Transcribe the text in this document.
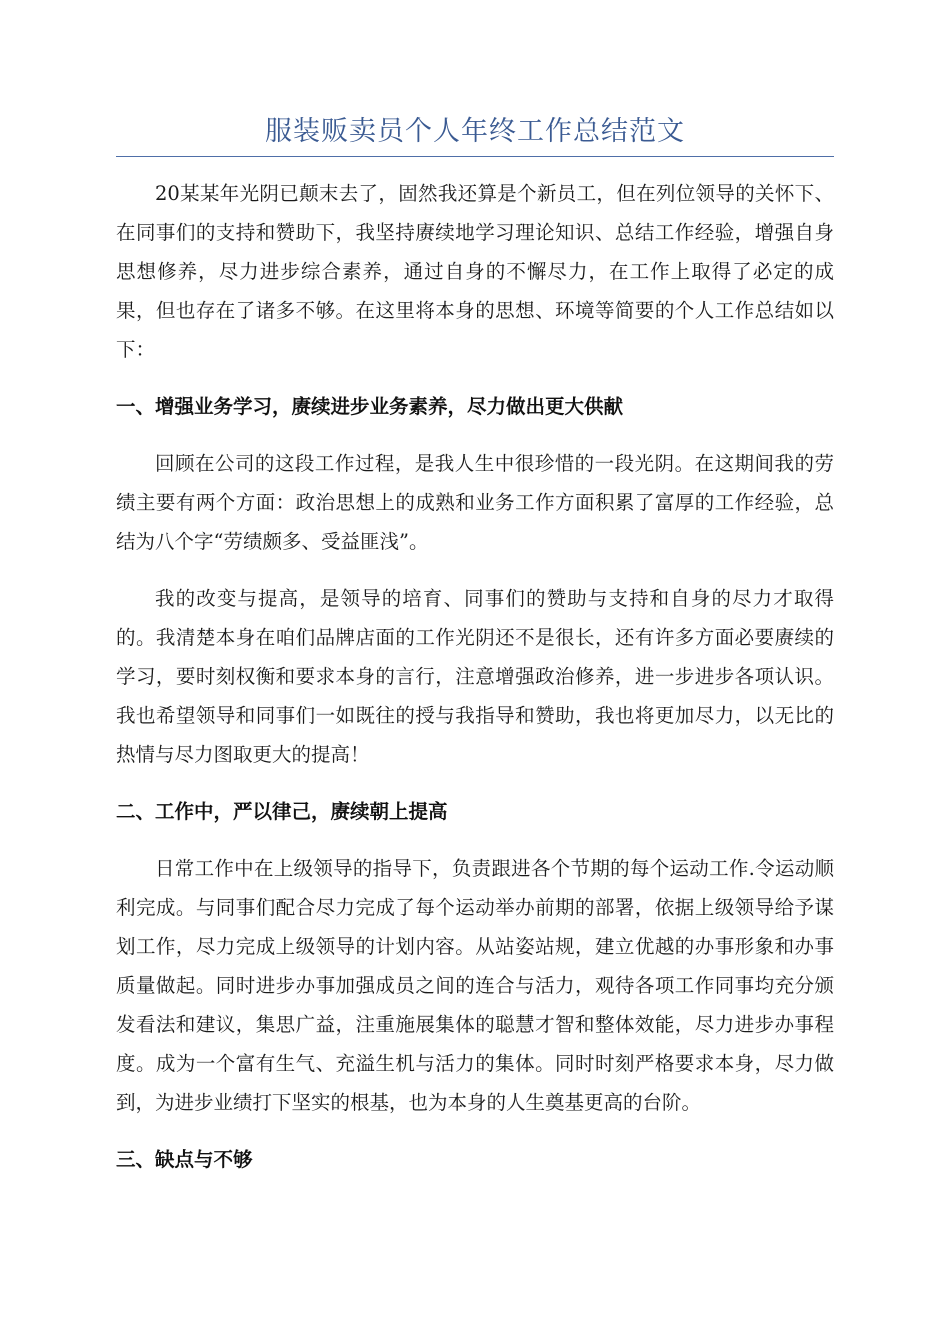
服装贩卖员个人年终工作总结范文

20某某年光阴已颠末去了，固然我还算是个新员工，但在列位领导的关怀下、在同事们的支持和赞助下，我坚持赓续地学习理论知识、总结工作经验，增强自身思想修养，尽力进步综合素养，通过自身的不懈尽力，在工作上取得了必定的成果，但也存在了诸多不够。在这里将本身的思想、环境等简要的个人工作总结如以下：

一、增强业务学习，赓续进步业务素养，尽力做出更大供献

回顾在公司的这段工作过程，是我人生中很珍惜的一段光阴。在这期间我的劳绩主要有两个方面：政治思想上的成熟和业务工作方面积累了富厚的工作经验，总结为八个字“劳绩颇多、受益匪浅”。

我的改变与提高，是领导的培育、同事们的赞助与支持和自身的尽力才取得的。我清楚本身在咱们品牌店面的工作光阴还不是很长，还有许多方面必要赓续的学习，要时刻权衡和要求本身的言行，注意增强政治修养，进一步进步各项认识。我也希望领导和同事们一如既往的授与我指导和赞助，我也将更加尽力，以无比的热情与尽力图取更大的提高！

二、工作中，严以律己，赓续朝上提高

日常工作中在上级领导的指导下，负责跟进各个节期的每个运动工作.令运动顺利完成。与同事们配合尽力完成了每个运动举办前期的部署，依据上级领导给予谋划工作，尽力完成上级领导的计划内容。从站姿站规，建立优越的办事形象和办事质量做起。同时进步办事加强成员之间的连合与活力，观待各项工作同事均充分颁发看法和建议，集思广益，注重施展集体的聪慧才智和整体效能，尽力进步办事程度。成为一个富有生气、充溢生机与活力的集体。同时时刻严格要求本身，尽力做到，为进步业绩打下坚实的根基，也为本身的人生奠基更高的台阶。

三、缺点与不够
